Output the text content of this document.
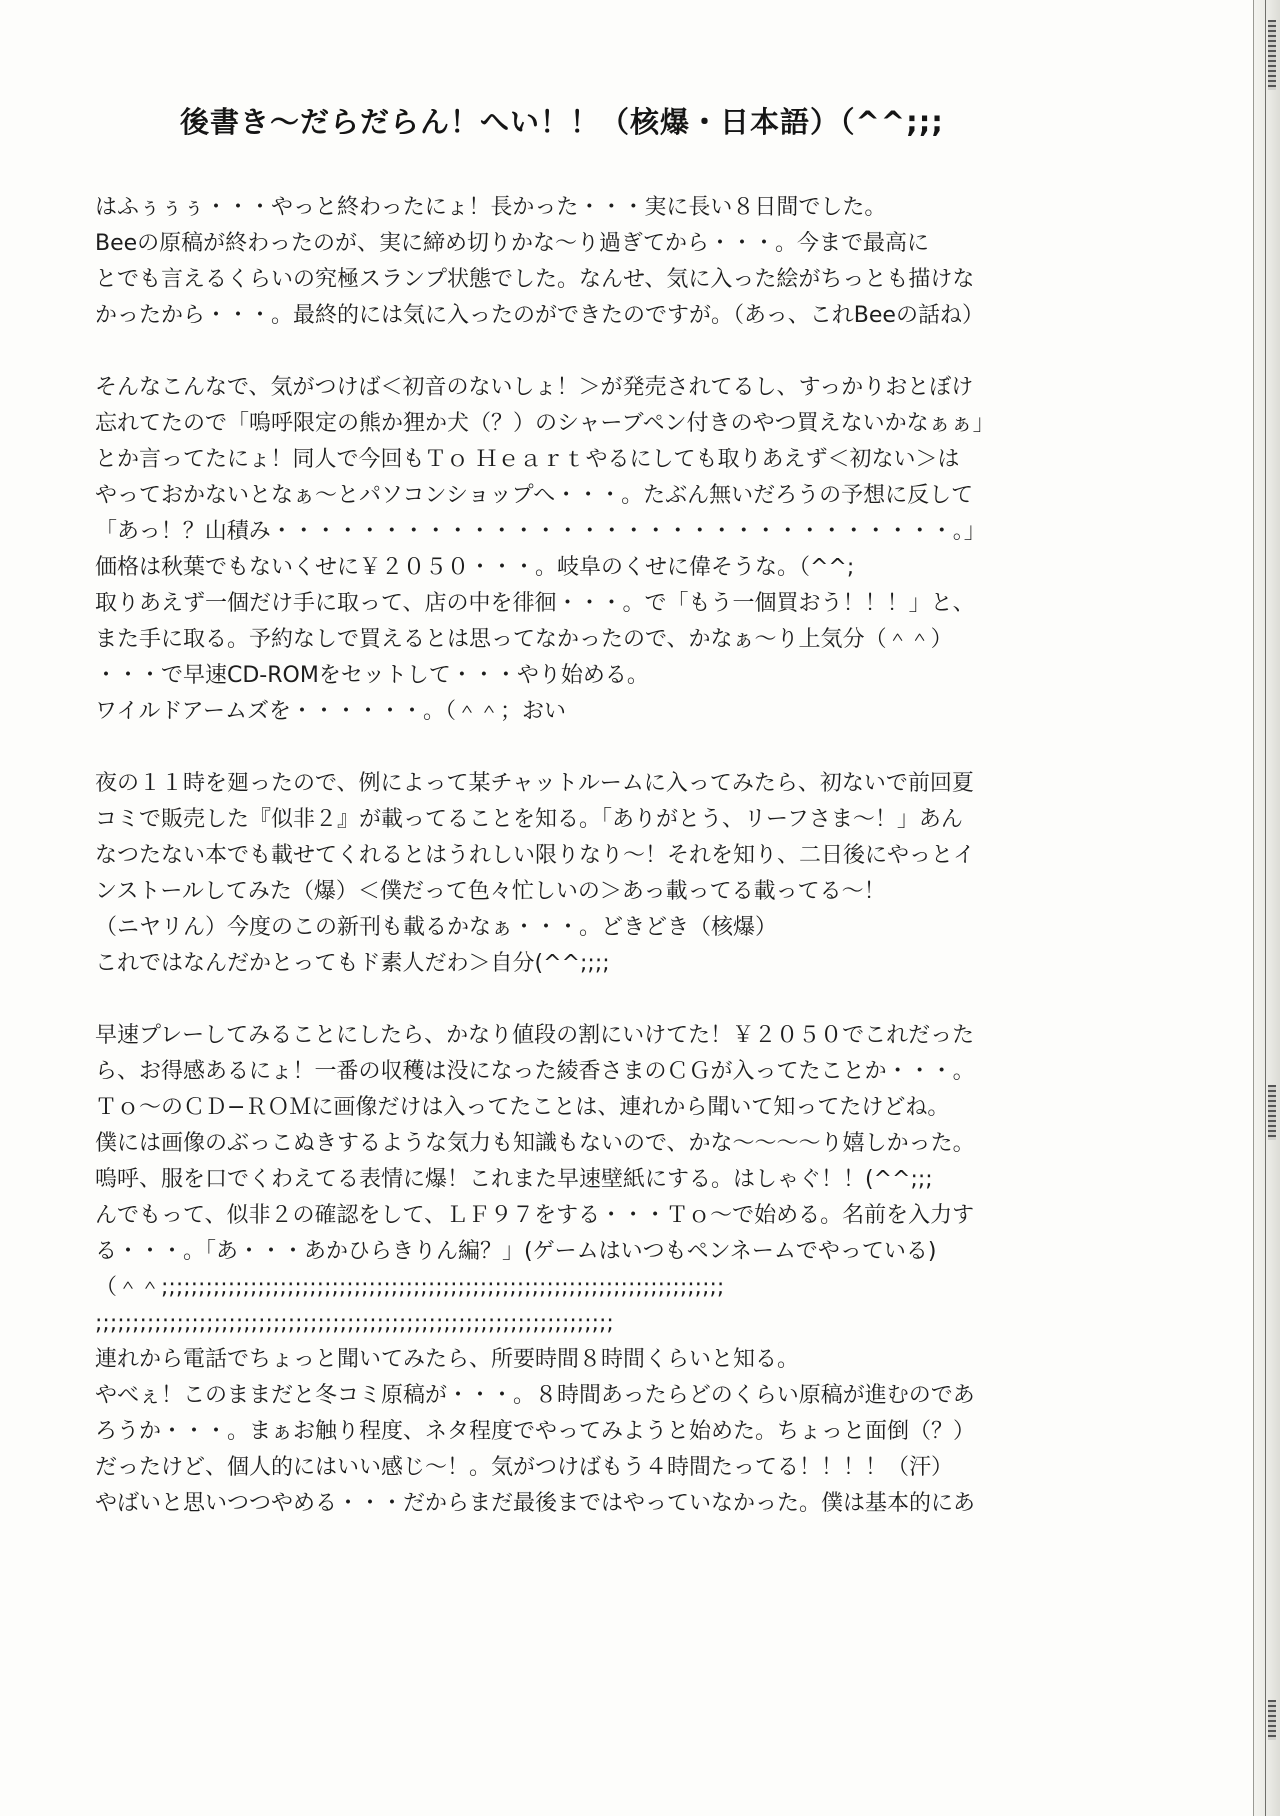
後書き〜だらだらん！へい！！（核爆・日本語）（^^;;;
はふぅぅぅ・・・やっと終わったにょ！長かった・・・実に長い８日間でした。
Beeの原稿が終わったのが、実に締め切りかな〜り過ぎてから・・・。今まで最高に
とでも言えるくらいの究極スランプ状態でした。なんせ、気に入った絵がちっとも描けな
かったから・・・。最終的には気に入ったのができたのですが。（あっ、これBeeの話ね）
そんなこんなで、気がつけば＜初音のないしょ！＞が発売されてるし、すっかりおとぼけ
忘れてたので「嗚呼限定の熊か狸か犬（？）のシャーブペン付きのやつ買えないかなぁぁ」
とか言ってたにょ！同人で今回もＴｏ Ｈｅａｒｔやるにしても取りあえず＜初ない＞は
やっておかないとなぁ〜とパソコンショップへ・・・。たぶん無いだろうの予想に反して
「あっ！？山積み・・・・・・・・・・・・・・・・・・・・・・・・・・・・・・・。」
価格は秋葉でもないくせに￥２０５０・・・。岐阜のくせに偉そうな。（^^;
取りあえず一個だけ手に取って、店の中を徘徊・・・。で「もう一個買おう！！！」と、
また手に取る。予約なしで買えるとは思ってなかったので、かなぁ〜り上気分（＾＾）
・・・で早速CD-ROMをセットして・・・やり始める。
ワイルドアームズを・・・・・・。（＾＾；おい
夜の１１時を廻ったので、例によって某チャットルームに入ってみたら、初ないで前回夏
コミで販売した『似非２』が載ってることを知る。「ありがとう、リーフさま〜！」あん
なつたない本でも載せてくれるとはうれしい限りなり〜！それを知り、二日後にやっとイ
ンストールしてみた（爆）＜僕だって色々忙しいの＞あっ載ってる載ってる〜！
（ニヤリん）今度のこの新刊も載るかなぁ・・・。どきどき（核爆）
これではなんだかとってもド素人だわ＞自分(^^;;;;
早速プレーしてみることにしたら、かなり値段の割にいけてた！￥２０５０でこれだった
ら、お得感あるにょ！一番の収穫は没になった綾香さまのＣＧが入ってたことか・・・。
Ｔｏ〜のＣＤ−ＲＯＭに画像だけは入ってたことは、連れから聞いて知ってたけどね。
僕には画像のぶっこぬきするような気力も知識もないので、かな〜〜〜〜り嬉しかった。
嗚呼、服を口でくわえてる表情に爆！これまた早速壁紙にする。はしゃぐ！！(^^;;;
んでもって、似非２の確認をして、ＬＦ９７をする・・・Ｔｏ〜で始める。名前を入力す
る・・・。「あ・・・あかひらきりん編？」(ゲームはいつもペンネームでやっている)
（＾＾;;;;;;;;;;;;;;;;;;;;;;;;;;;;;;;;;;;;;;;;;;;;;;;;;;;;;;;;;;;;;;;;;;;;;;;;;;;;
;;;;;;;;;;;;;;;;;;;;;;;;;;;;;;;;;;;;;;;;;;;;;;;;;;;;;;;;;;;;;;;;;;;;;;
連れから電話でちょっと聞いてみたら、所要時間８時間くらいと知る。
やべぇ！このままだと冬コミ原稿が・・・。８時間あったらどのくらい原稿が進むのであ
ろうか・・・。まぁお触り程度、ネタ程度でやってみようと始めた。ちょっと面倒（？）
だったけど、個人的にはいい感じ〜！。気がつけばもう４時間たってる！！！！（汗）
やばいと思いつつやめる・・・だからまだ最後まではやっていなかった。僕は基本的にあ
